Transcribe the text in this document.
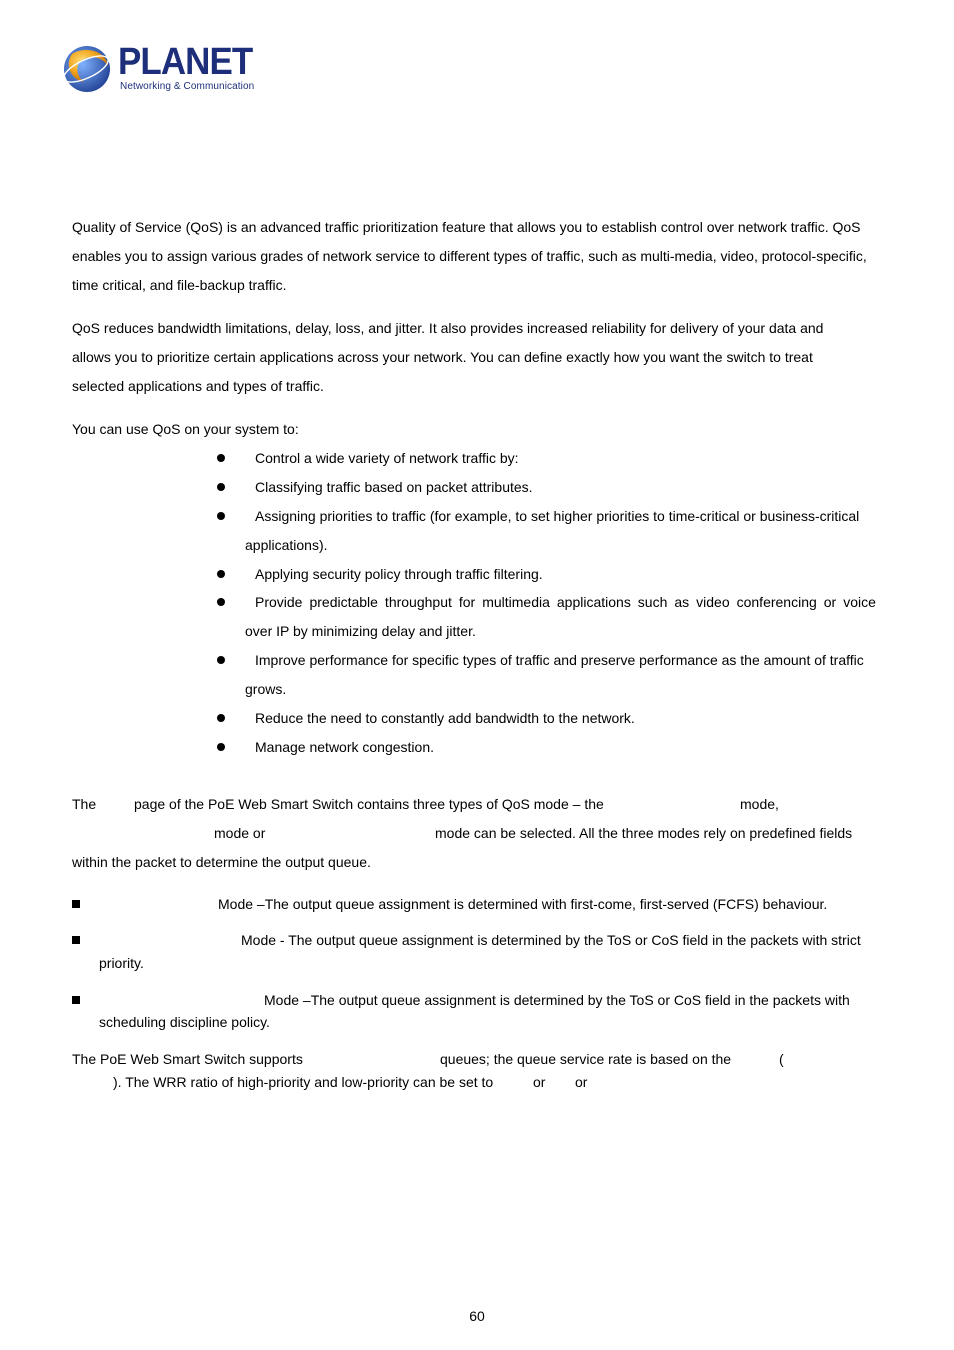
PLANET
Networking & Communication
Quality of Service (QoS) is an advanced traffic prioritization feature that allows you to establish control over network traffic. QoS
enables you to assign various grades of network service to different types of traffic, such as multi-media, video, protocol-specific,
time critical, and file-backup traffic.
QoS reduces bandwidth limitations, delay, loss, and jitter. It also provides increased reliability for delivery of your data and
allows you to prioritize certain applications across your network. You can define exactly how you want the switch to treat
selected applications and types of traffic.
You can use QoS on your system to:
Control a wide variety of network traffic by:
Classifying traffic based on packet attributes.
Assigning priorities to traffic (for example, to set higher priorities to time-critical or business-critical
applications).
Applying security policy through traffic filtering.
Provide predictable throughput for multimedia applications such as video conferencing or voice
over IP by minimizing delay and jitter.
Improve performance for specific types of traffic and preserve performance as the amount of traffic
grows.
Reduce the need to constantly add bandwidth to the network.
Manage network congestion.
The	page of the PoE Web Smart Switch contains three types of QoS mode – the	mode,
mode or	mode can be selected. All the three modes rely on predefined fields
within the packet to determine the output queue.
Mode –The output queue assignment is determined with first-come, first-served (FCFS) behaviour.
Mode - The output queue assignment is determined by the ToS or CoS field in the packets with strict
priority.
Mode –The output queue assignment is determined by the ToS or CoS field in the packets with
scheduling discipline policy.
The PoE Web Smart Switch supports	queues; the queue service rate is based on the	(
). The WRR ratio of high-priority and low-priority can be set to	or or
60
